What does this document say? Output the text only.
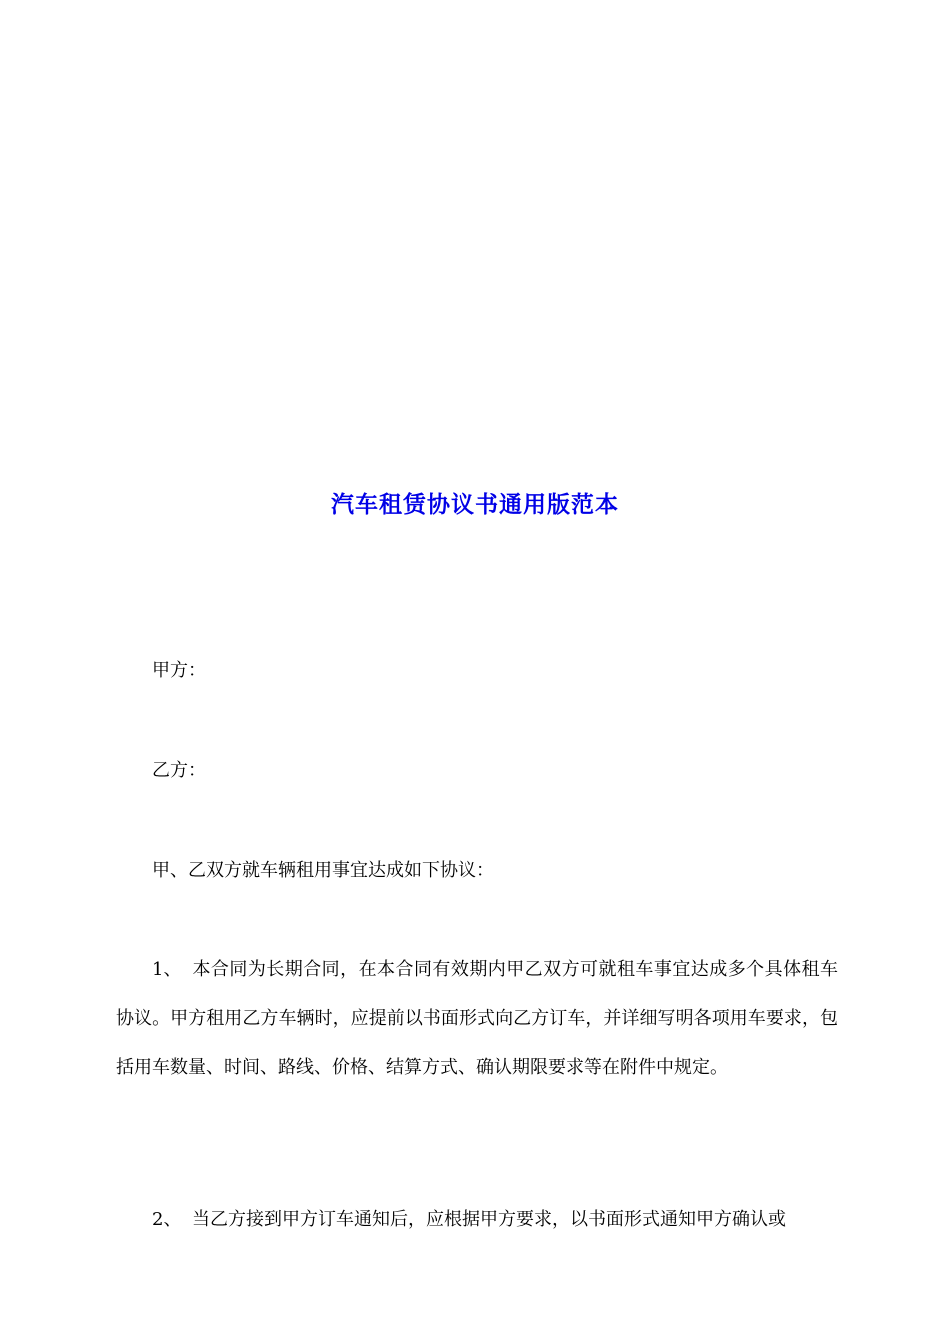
汽车租赁协议书通用版范本

甲方：

乙方：

甲、乙双方就车辆租用事宜达成如下协议：

1、 本合同为长期合同，在本合同有效期内甲乙双方可就租车事宜达成多个具体租车协议。甲方租用乙方车辆时，应提前以书面形式向乙方订车，并详细写明各项用车要求，包括用车数量、时间、路线、价格、结算方式、确认期限要求等在附件中规定。

2、 当乙方接到甲方订车通知后，应根据甲方要求，以书面形式通知甲方确认或
